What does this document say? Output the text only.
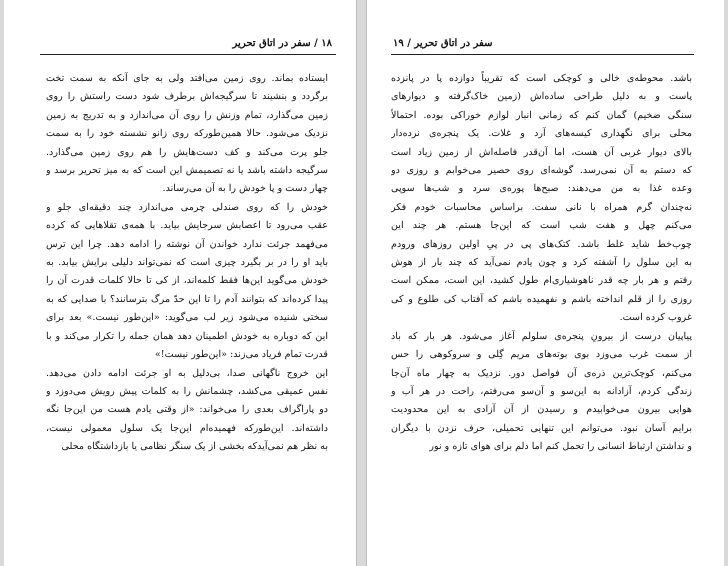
۱۸ / سفر در اتاق تحریر

ایستاده بماند. روی زمین می‌افتد ولی به جای آنکه به سمت تخت
برگردد و بنشیند تا سرگیجه‌اش برطرف شود دست راستش را روی
زمین می‌گذارد، تمام وزنش را روی آن می‌اندازد و به تدریج به زمین
نزدیک می‌شود. حالا همین‌طورکه روی زانو نشسته خود را به سمت
جلو پرت می‌کند و کف دست‌هایش را هم روی زمین می‌گذارد.
سرگیجه داشته باشد یا نه تصمیمش این است که به میز تحریر برسد و
چهار دست و پا خودش را به آن می‌رساند.

خودش را که روی صندلی چرمی می‌اندازد چند دقیقه‌ای جلو و
عقب می‌رود تا اعصابش سرجایش بیاید. با همه‌ی تقلاهایی که کرده
می‌فهمد جرئت ندارد خواندن آن نوشته را ادامه دهد. چرا این ترس
باید او را در بر بگیرد چیزی است که نمی‌تواند دلیلی برایش بیابد. به
خودش می‌گوید این‌ها فقط کلمه‌اند، از کی تا حالا کلمات قدرت آن را
پیدا کرده‌اند که بتوانند آدم را تا این حدّ مرگ بترسانند؟ با صدایی که به
سختی شنیده می‌شود زیر لب می‌گوید: «این‌طور نیست.» بعد برای
این که دوباره به خودش اطمینان دهد همان جمله را تکرار می‌کند و با
قدرت تمام فریاد می‌زند: «این‌طور نیست!»

این خروج ناگهانی صدا، بی‌دلیل به او جرئت ادامه دادن می‌دهد.
نفس عمیقی می‌کشد، چشمانش را به کلمات پیش رویش می‌دوزد و
دو پاراگراف بعدی را می‌خواند: «از وقتی یادم هست من این‌جا نگه
داشته‌اند. این‌طورکه فهمیده‌ام این‌جا یک سلول معمولی نیست،
به نظر هم نمی‌آیدکه بخشی از یک سنگر نظامی یا بازداشتگاه محلی

سفر در اتاق تحریر / ۱۹

باشد. محوطه‌ی خالی و کوچکی است که تقریباً دوازده پا در پانزده
پاست و به دلیل طراحی ساده‌اش (زمین خاک‌گرفته و دیوارهای
سنگی ضخیم) گمان کنم که زمانی انبار لوازم خوراکی بوده. احتمالاً
محلی برای نگهداری کیسه‌های آرد و غلات. یک پنجره‌ی نرده‌دار
بالای دیوار غربی آن هست، اما آن‌قدر فاصله‌اش از زمین زیاد است
که دستم به آن نمی‌رسد. گوشه‌ای روی حصیر می‌خوابم و روزی دو
وعده غذا به من می‌دهند: صبح‌ها پوره‌ی سرد و شب‌ها سوپی
نه‌چندان گرم همراه با نانی سفت. براساس محاسبات خودم فکر
می‌کنم چهل و هفت شب است که این‌جا هستم. هر چند این
چوب‌خط شاید غلط باشد. کتک‌های پی در پیِ اولین روزهای ورودم
به این سلول را آشفته کرد و چون یادم نمی‌آید که چند بار از هوش
رفتم و هر بار چه قدر ناهوشیاری‌ام طول کشید، این است، ممکن است
روزی را از قلم انداخته باشم و نفهمیده باشم که آفتاب کی طلوع و کی
غروب کرده است.

پیاپیان درست از بیرونِ پنجره‌ی سلولم آغاز می‌شود. هر بار که باد
از سمت غرب می‌وزد بوی بوته‌های مریم گِلی و سروکوهی را حس
می‌کنم، کوچک‌ترین ذره‌ی آن فواصل دور. نزدیک به چهار ماه آن‌جا
زندگی کردم، آزادانه به این‌سو و آن‌سو می‌رفتم، راحت در هر آب و
هوایی بیرون می‌خوابیدم و رسیدن از آن آزادی به این محدودیت
برایم آسان نبود. می‌توانم این تنهایی تحمیلی، حرف نزدن با دیگران
و نداشتن ارتباط انسانی را تحمل کنم اما دلم برای هوای تازه و نور
